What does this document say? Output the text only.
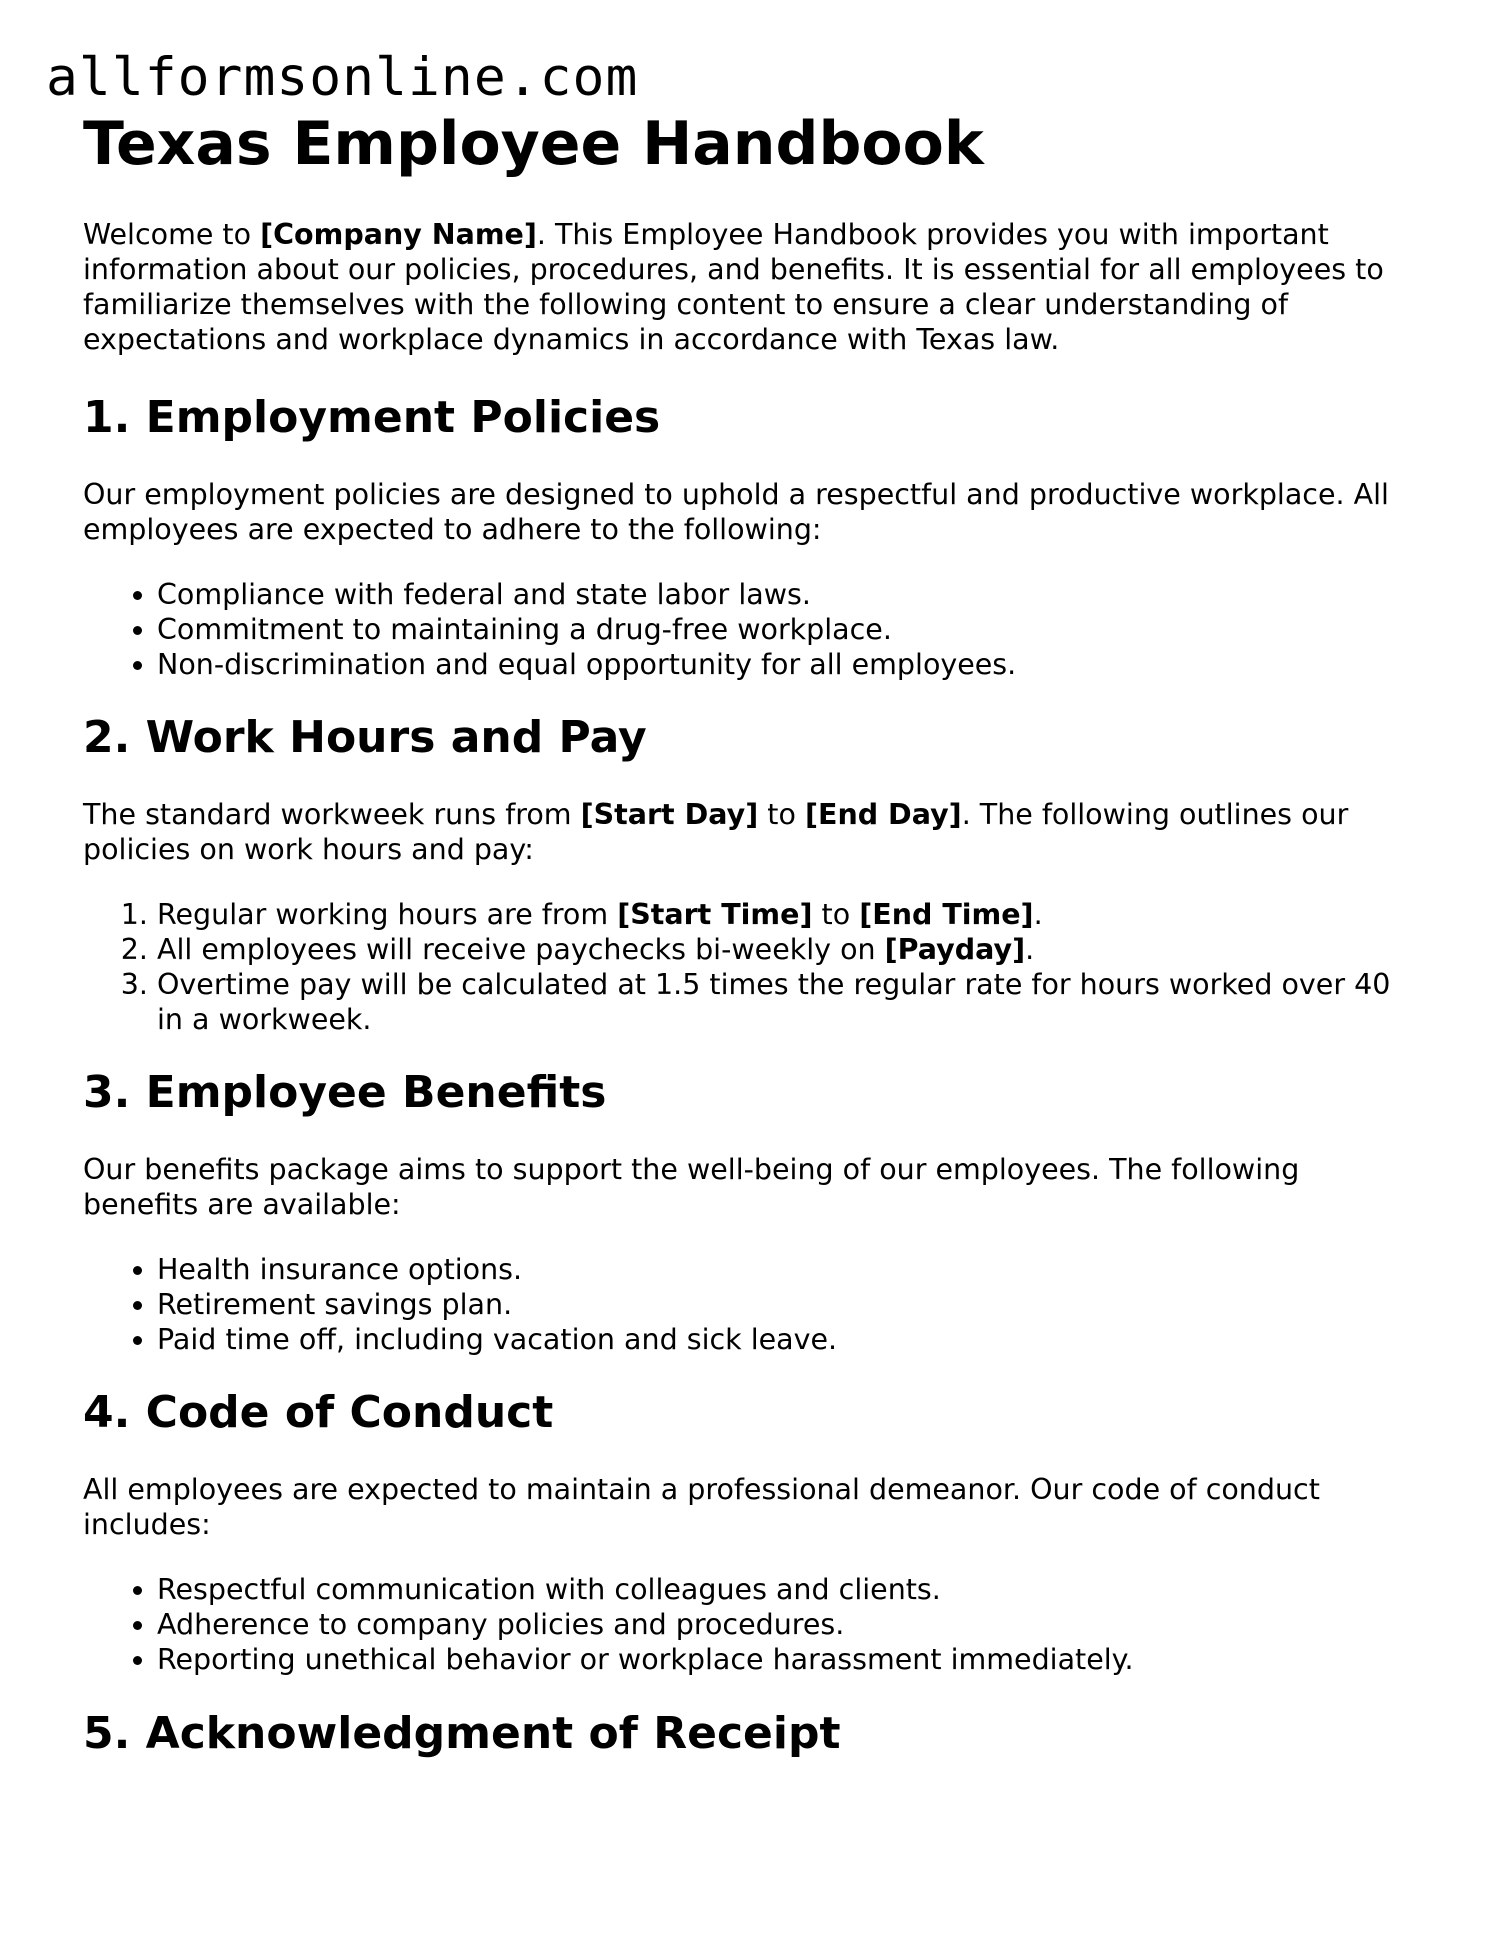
allformsonline.com
Texas Employee Handbook

Welcome to [Company Name]. This Employee Handbook provides you with important information about our policies, procedures, and benefits. It is essential for all employees to familiarize themselves with the following content to ensure a clear understanding of expectations and workplace dynamics in accordance with Texas law.

1. Employment Policies

Our employment policies are designed to uphold a respectful and productive workplace. All employees are expected to adhere to the following:

• Compliance with federal and state labor laws.
• Commitment to maintaining a drug-free workplace.
• Non-discrimination and equal opportunity for all employees.
2. Work Hours and Pay

The standard workweek runs from [Start Day] to [End Day]. The following outlines our policies on work hours and pay:

1. Regular working hours are from [Start Time] to [End Time].
2. All employees will receive paychecks bi-weekly on [Payday].
3. Overtime pay will be calculated at 1.5 times the regular rate for hours worked over 40 in a workweek.
3. Employee Benefits

Our benefits package aims to support the well-being of our employees. The following benefits are available:

• Health insurance options.
• Retirement savings plan.
• Paid time off, including vacation and sick leave.
4. Code of Conduct

All employees are expected to maintain a professional demeanor. Our code of conduct includes:

• Respectful communication with colleagues and clients.
• Adherence to company policies and procedures.
• Reporting unethical behavior or workplace harassment immediately.
5. Acknowledgment of Receipt
